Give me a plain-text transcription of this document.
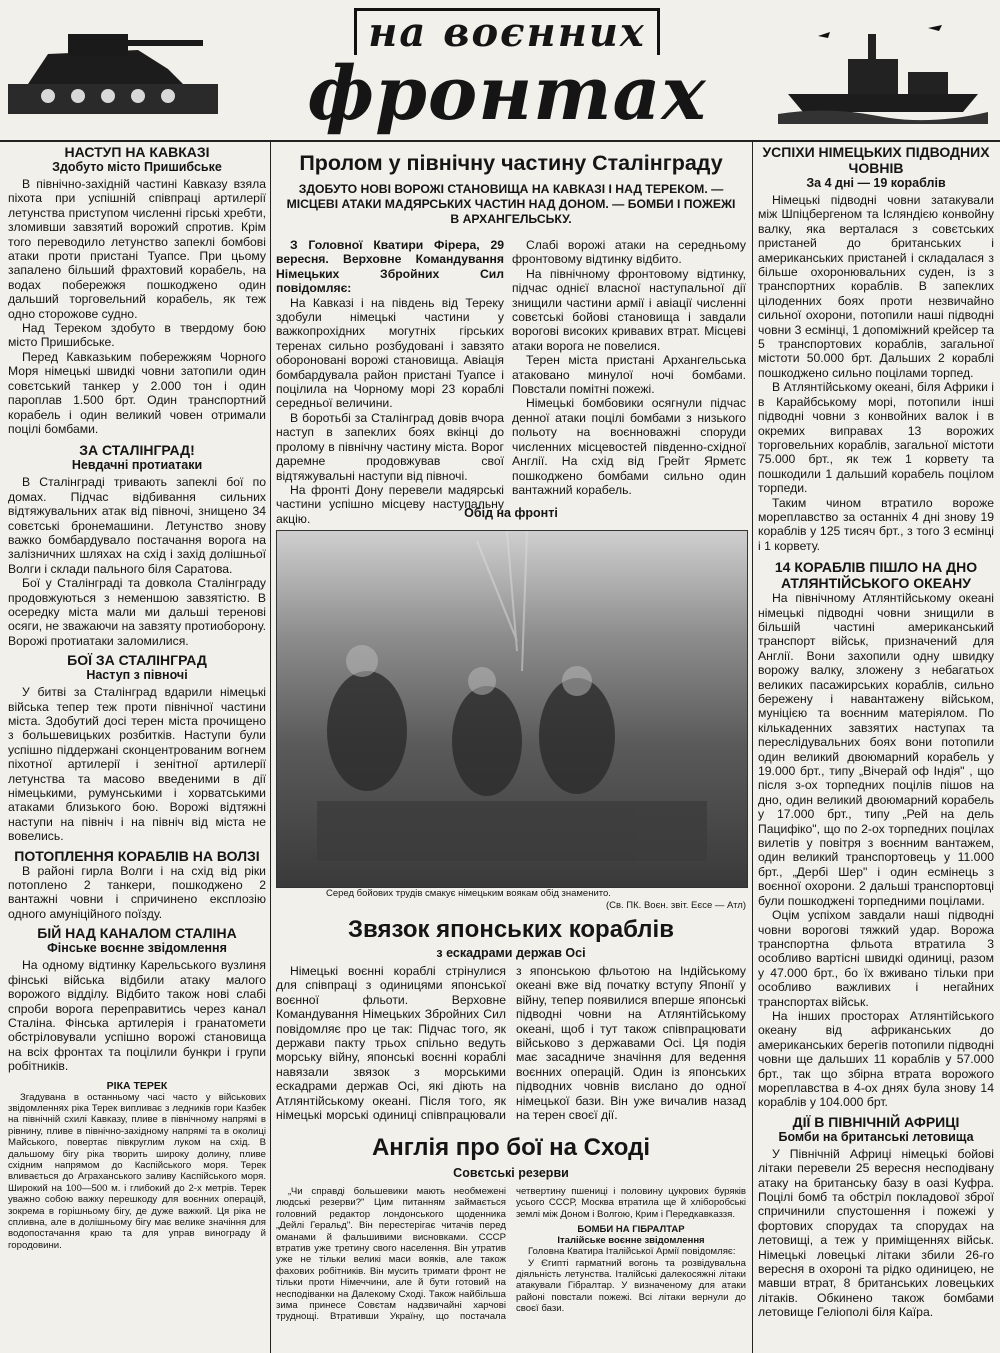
на воєнних
фронтах
НАСТУП НА КАВКАЗІ
Здобуто місто Пришибське

В північно-західній частині Кавказу взяла піхота при успішній співпраці артилерії летунства приступом численні гірські хребти, зломивши завзятий ворожий спротив. Крім того переводило летунство запеклі бомбові атаки проти пристані Туапсе. При цьому запалено більший фрахтовий корабель, на водах побережжя пошкоджено один дальший торговельний корабель, як теж одно сторожове судно.

Над Тереком здобуто в твердому бою місто Пришибське.

Перед Кавказьким побережжям Чорного Моря німецькі швидкі човни затопили один совєтський танкер у 2.000 тон і один пароплав 1.500 брт. Один транспортний корабель і один великий човен отримали поцілі бомбами.

ЗА СТАЛІНГРАД!
Невдачні протиатаки

В Сталінграді тривають запеклі бої по домах. Підчас відбивання сильних відтяжувальних атак від півночі, знищено 34 совєтські бронемашини. Летунство знову важко бомбардувало постачання ворога на залізничних шляхах на схід і захід долішньої Волги і склади пального біля Саратова.

Бої у Сталінграді та довкола Сталінграду продовжуються з неменшою завзятістю. В осередку міста мали ми дальші теренові осяги, не зважаючи на завзяту протиоборону. Ворожі протиатаки заломилися.

БОЇ ЗА СТАЛІНГРАД
Наступ з півночі

У битві за Сталінград вдарили німецькі війська тепер теж проти північної частини міста. Здобутий досі терен міста прочищено з большевицьких розбитків. Наступи були успішно піддержані сконцентрованим вогнем піхотної артилерії і зенітної артилерії летунства та масово введеними в дії німецькими, румунськими і хорватськими атаками близького бою. Ворожі відтяжні наступи на північ і на північ від міста не вовелись.

ПОТОПЛЕННЯ КОРАБЛІВ НА ВОЛЗІ

В районі гирла Волги і на схід від ріки потоплено 2 танкери, пошкоджено 2 вантажні човни і спричинено експлозію одного амуніційного поїзду.

БІЙ НАД КАНАЛОМ СТАЛІНА
Фінське воєнне звідомлення

На одному відтинку Карельського вузлиня фінські війська відбили атаку малого ворожого відділу. Відбито також нові слабі спроби ворога переправитись через канал Сталіна. Фінська артилерія і гранатомети обстріловували успішно ворожі становища на всіх фронтах та поцілили бункри і групи робітників.

РІКА ТЕРЕК

Згадувана в останньому часі часто у військових звідомленнях ріка Терек випливає з ледників гори Казбек на північній схилі Кавказу, пливе в північному напрямі в рівнину, пливе в північно-західному напрямі та в околиці Майського, повертає півкруглим луком на схід. В дальшому бігу ріка творить широку долину, пливе східним напрямом до Каспійського моря. Терек вливається до Аграханського заливу Каспійського моря. Широкий на 100—500 м. і глибокий до 2-х метрів. Терек уважно собою важку перешкоду для воєнних операцій, зокрема в горішньому бігу, де дуже важкий. Ця ріка не спливна, але в долішньому бігу має велике значіння для водопостачання краю та для управ винограду й городовини.

Пролом у північну частину Сталінграду
ЗДОБУТО НОВІ ВОРОЖІ СТАНОВИЩА НА КАВКАЗІ І НАД ТЕРЕКОМ. — МІСЦЕВІ АТАКИ МАДЯРСЬКИХ ЧАСТИН НАД ДОНОМ. — БОМБИ І ПОЖЕЖІ В АРХАНГЕЛЬСЬКУ.

З Головної Кватири Фірера, 29 вересня. Верховне Командування Німецьких Збройних Сил повідомляє:

На Кавказі і на південь від Тереку здобули німецькі частини у важкопрохідних могутніх гірських теренах сильно розбудовані і завзято обороновані ворожі становища. Авіація бомбардувала район пристані Туапсе і поцілила на Чорному морі 23 кораблі середньої величини.

В боротьбі за Сталінград довів вчора наступ в запеклих боях вкінці до пролому в північну частину міста. Ворог даремне продовжував свої відтяжувальні наступи від півночі.

На фронті Дону перевели мадярські частини успішно місцеву наступальну акцію.

Слабі ворожі атаки на середньому фронтовому відтинку відбито.

На північному фронтовому відтинку, підчас однієї власної наступальної дії знищили частини армії і авіації численні совєтські бойові становища і завдали ворогові високих кривавих втрат. Місцеві атаки ворога не повелися.

Терен міста пристані Архангельська атаковано минулої ночі бомбами. Повстали помітні пожежі.

Німецькі бомбовики осягнули підчас денної атаки поцілі бомбами з низького польоту на воєнноважні споруди численних місцевостей південно-східної Англії. На схід від Грейт Ярметс пошкоджено бомбами сильно один вантажний корабель.

Обід на фронті
Серед бойових трудів смакує німецьким воякам обід знаменито.
(Св. ПК. Воєн. звіт. Еєсе — Атл)
Звязок японських кораблів
з ескадрами держав Осі

Німецькі воєнні кораблі стрінулися для співпраці з одиницями японської воєнної фльоти. Верховне Командування Німецьких Збройних Сил повідомляє про це так: Підчас того, як держави пакту трьох спільно ведуть морську війну, японські воєнні кораблі навязали звязок з морськими ескадрами держав Осі, які діють на Атлянтійському океані. Після того, як німецькі морські одиниці співпрацювали з японською фльотою на Індійському океані вже від початку вступу Японії у війну, тепер появилися вперше японські підводні човни на Атлянтійському океані, щоб і тут також співпрацювати військово з державами Осі. Ця подія має засадниче значіння для ведення воєнних операцій. Один із японських підводних човнів вислано до одної німецької бази. Він уже вичалив назад на терен своєї дії.

Англія про бої на Сході
Совєтські резерви

„Чи справді большевики мають необмежені людські резерви?" Цим питанням займається головний редактор лондонського щоденника „Дейлі Геральд". Він перестерігає читачів перед оманами й фальшивими висновками. СССР втратив уже третину свого населення. Він утратив уже не тільки великі маси вояків, але також фахових робітників. Він мусить тримати фронт не тільки проти Німеччини, але й бути готовий на несподіванки на Далекому Сході. Також найбільша зима принесе Совєтам надзвичайні харчові труднощі. Втративши Україну, що постачала четвертину пшениці і половину цукрових буряків усього СССР, Москва втратила ще й хліборобські землі між Доном і Волгою, Крим і Передкавказзя.

БОМБИ НА ГІБРАЛТАР
Італійське воєнне звідомлення

Головна Кватира Італійської Армії повідомляє:

У Єгипті гарматний вогонь та розвідувальна діяльність летунства. Італійські далекосяжні літаки атакували Гібралтар. У визначеному для атаки районі повстали пожежі. Всі літаки вернули до своєї бази.

УСПІХИ НІМЕЦЬКИХ ПІДВОДНИХ ЧОВНІВ
За 4 дні — 19 кораблів

Німецькі підводні човни затакували між Шпіцбергеном та Ісляндією конвойну валку, яка верталася з совєтських пристаней до британських і американських пристаней і складалася з більше охоронювальних суден, із з транспортних кораблів. В запеклих цілоденних боях проти незвичайно сильної охорони, потопили наші підводні човни 3 есмінці, 1 допоміжний крейсер та 5 транспортових кораблів, загальної містоти 50.000 брт. Дальших 2 кораблі пошкоджено сильно поцілами торпед.

В Атлянтійському океані, біля Африки і в Карайбському морі, потопили інші підводні човни з конвойних валок і в окремих виправах 13 ворожих торговельних кораблів, загальної містоти 75.000 брт., як теж 1 корвету та пошкодили 1 дальший корабель поцілом торпеди.

Таким чином втратило вороже мореплавство за останніх 4 дні знову 19 кораблів у 125 тисяч брт., з того 3 есмінці і 1 корвету.

14 КОРАБЛІВ ПІШЛО НА ДНО АТЛЯНТІЙСЬКОГО ОКЕАНУ

На північному Атлянтійському океані німецькі підводні човни знищили в більшій частині американський транспорт військ, призначений для Англії. Вони захопили одну швидку ворожу валку, зложену з небагатьох великих пасажирських кораблів, сильно бережену і навантажену військом, муніцією та воєнним матеріялом. По кількаденних завзятих наступах та переслідувальних боях вони потопили один великий двоюмарний корабель у 19.000 брт., типу „Вічерай оф Індія" , що після з-ох торпедних поцілів пішов на дно, один великий двоюмарний корабель у 17.000 брт., типу „Рей на дель Пацифіко", що по 2-ох торпедних поцілах вилетів у повітря з воєнним вантажем, один великий транспортовець у 11.000 брт., „Дербі Шер" і один есмінець з воєнної охорони. 2 дальші транспортовці були пошкоджені торпедними поцілами.

Оцім успіхом завдали наші підводні човни ворогові тяжкий удар. Ворожа транспортна фльота втратила 3 особливо вартісні швидкі одиниці, разом у 47.000 брт., бо їх вживано тільки при особливо важливих і негайних транспортах військ.

На інших просторах Атлянтійського океану від африканських до американських берегів потопили підводні човни ще дальших 11 кораблів у 57.000 брт., так що збірна втрата ворожого мореплавства в 4-ох днях була знову 14 кораблів у 104.000 брт.

ДІЇ В ПІВНІЧНІЙ АФРИЦІ
Бомби на британські летовища

У Північній Африці німецькі бойові літаки перевели 25 вересня несподівану атаку на британську базу в оазі Куфра. Поцілі бомб та обстріл покладової зброї спричинили спустошення і пожежі у фортових спорудах та спорудах на летовищі, а теж у приміщеннях військ. Німецькі ловецькі літаки збили 26-го вересня в охороні та рідко одиницею, не мавши втрат, 8 британських ловецьких літаків. Обкинено також бомбами летовище Геліополі біля Каїра.
